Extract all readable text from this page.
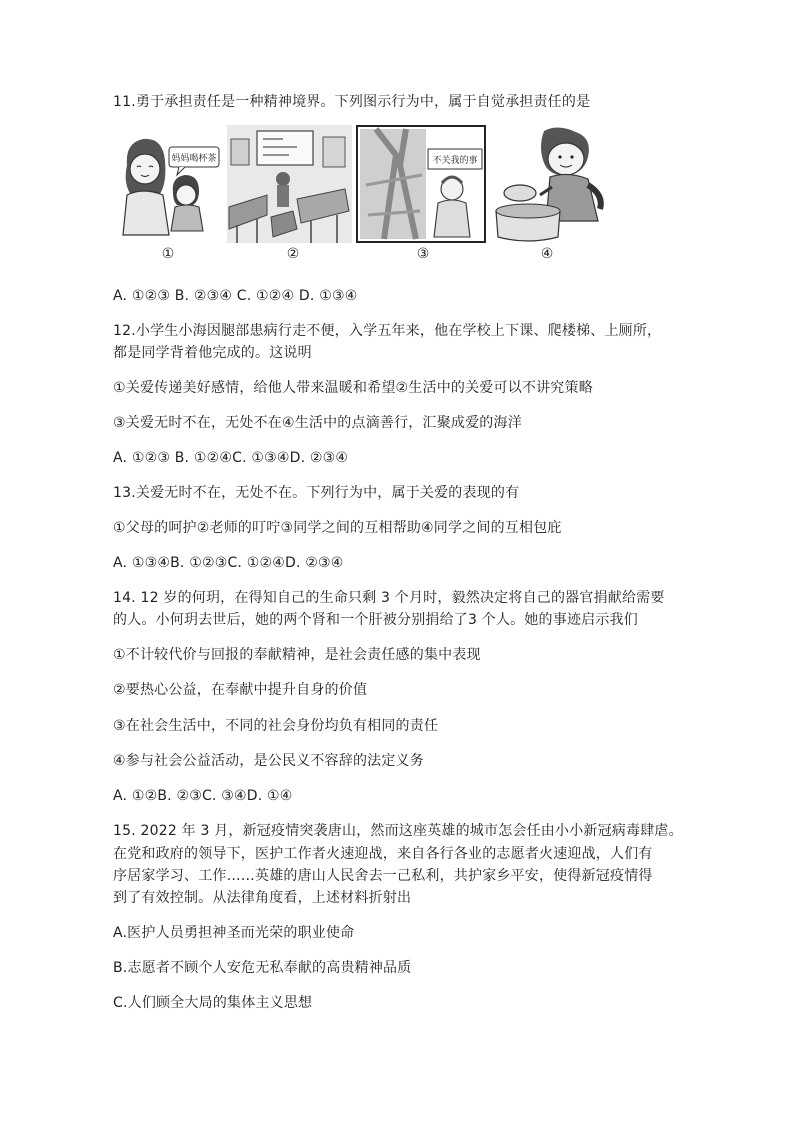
11.勇于承担责任是一种精神境界。下列图示行为中，属于自觉承担责任的是
妈妈喝杯茶
①	②
不关我的事
③	④
A. ①②③ B. ②③④ C. ①②④ D. ①③④
12.小学生小海因腿部患病行走不便，入学五年来，他在学校上下课、爬楼梯、上厕所，
都是同学背着他完成的。这说明
①关爱传递美好感情，给他人带来温暖和希望②生活中的关爱可以不讲究策略
③关爱无时不在，无处不在④生活中的点滴善行，汇聚成爱的海洋
A. ①②③ B. ①②④C. ①③④D. ②③④
13.关爱无时不在，无处不在。下列行为中，属于关爱的表现的有
①父母的呵护②老师的叮咛③同学之间的互相帮助④同学之间的互相包庇
A. ①③④B. ①②③C. ①②④D. ②③④
14. 12 岁的何玥，在得知自己的生命只剩 3 个月时，毅然决定将自己的器官捐献给需要
的人。小何玥去世后，她的两个肾和一个肝被分别捐给了3 个人。她的事迹启示我们
①不计较代价与回报的奉献精神，是社会责任感的集中表现
②要热心公益，在奉献中提升自身的价值
③在社会生活中，不同的社会身份均负有相同的责任
④参与社会公益活动，是公民义不容辞的法定义务
A. ①②B. ②③C. ③④D. ①④
15. 2022 年 3 月，新冠疫情突袭唐山，然而这座英雄的城市怎会任由小小新冠病毒肆虐。
在党和政府的领导下，医护工作者火速迎战，来自各行各业的志愿者火速迎战，人们有
序居家学习、工作……英雄的唐山人民舍去一己私利，共护家乡平安，使得新冠疫情得
到了有效控制。从法律角度看，上述材料折射出
A.医护人员勇担神圣而光荣的职业使命
B.志愿者不顾个人安危无私奉献的高贵精神品质
C.人们顾全大局的集体主义思想
